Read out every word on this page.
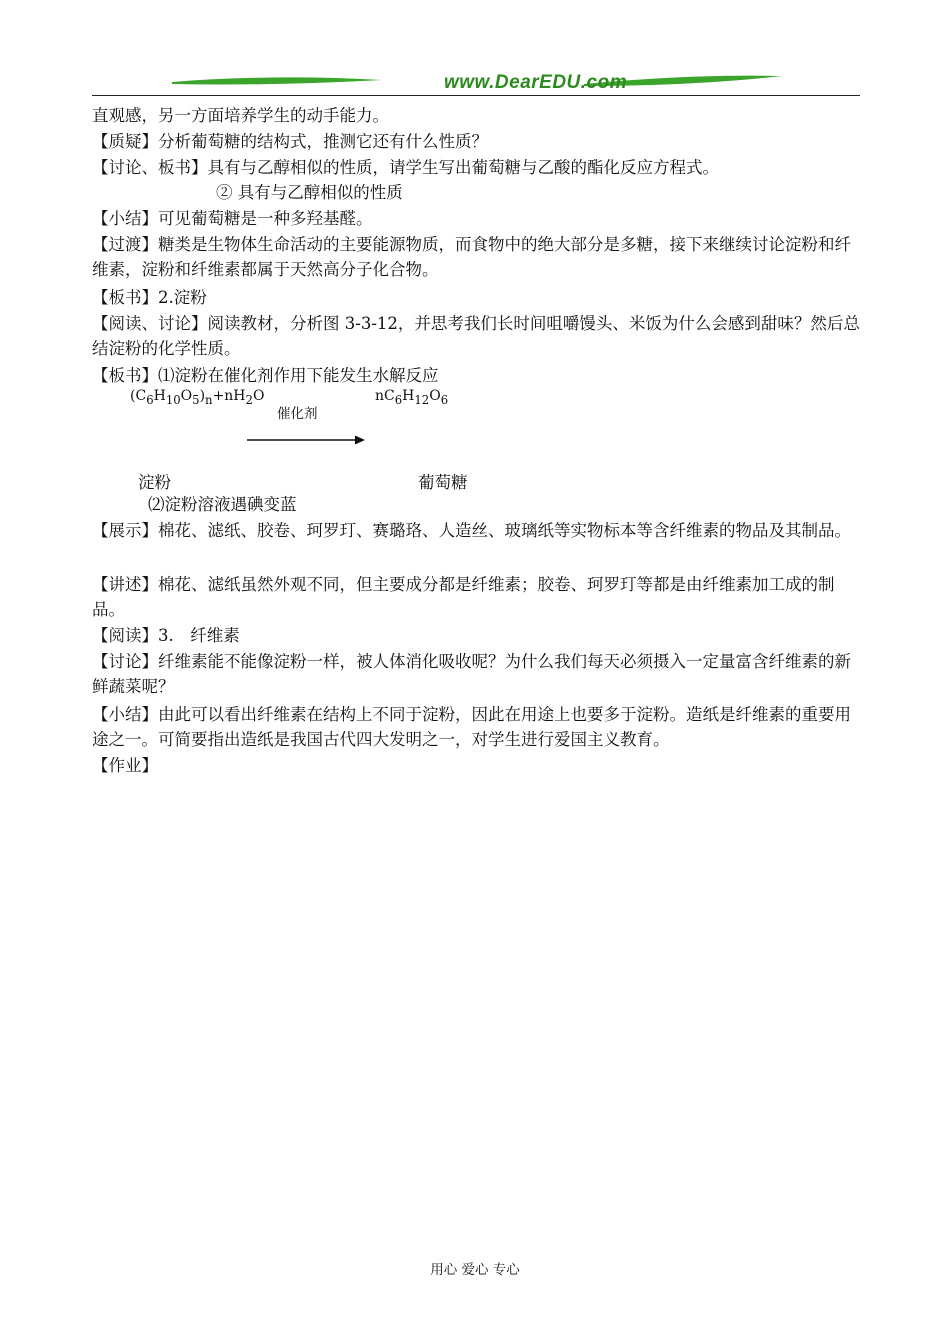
www.DearEDU.com

直观感，另一方面培养学生的动手能力。

【质疑】分析葡萄糖的结构式，推测它还有什么性质？

【讨论、板书】具有与乙醇相似的性质，请学生写出葡萄糖与乙酸的酯化反应方程式。

② 具有与乙醇相似的性质

【小结】可见葡萄糖是一种多羟基醛。

【过渡】糖类是生物体生命活动的主要能源物质，而食物中的绝大部分是多糖，接下来继续讨论淀粉和纤维素，淀粉和纤维素都属于天然高分子化合物。

【板书】2.淀粉

【阅读、讨论】阅读教材，分析图 3-3-12，并思考我们长时间咀嚼馒头、米饭为什么会感到甜味？然后总结淀粉的化学性质。

【板书】⑴淀粉在催化剂作用下能发生水解反应

$(C_6H_{10}O_5)_n+nH_2O$
催化剂
$nC_6H_{12}O_6$
淀粉	葡萄糖

⑵淀粉溶液遇碘变蓝

【展示】棉花、滤纸、胶卷、珂罗玎、赛璐珞、人造丝、玻璃纸等实物标本等含纤维素的物品及其制品。

【讲述】棉花、滤纸虽然外观不同，但主要成分都是纤维素；胶卷、珂罗玎等都是由纤维素加工成的制品。

【阅读】3.　纤维素

【讨论】纤维素能不能像淀粉一样，被人体消化吸收呢？为什么我们每天必须摄入一定量富含纤维素的新鲜蔬菜呢？

【小结】由此可以看出纤维素在结构上不同于淀粉，因此在用途上也要多于淀粉。造纸是纤维素的重要用途之一。可简要指出造纸是我国古代四大发明之一，对学生进行爱国主义教育。

【作业】

用心 爱心 专心
